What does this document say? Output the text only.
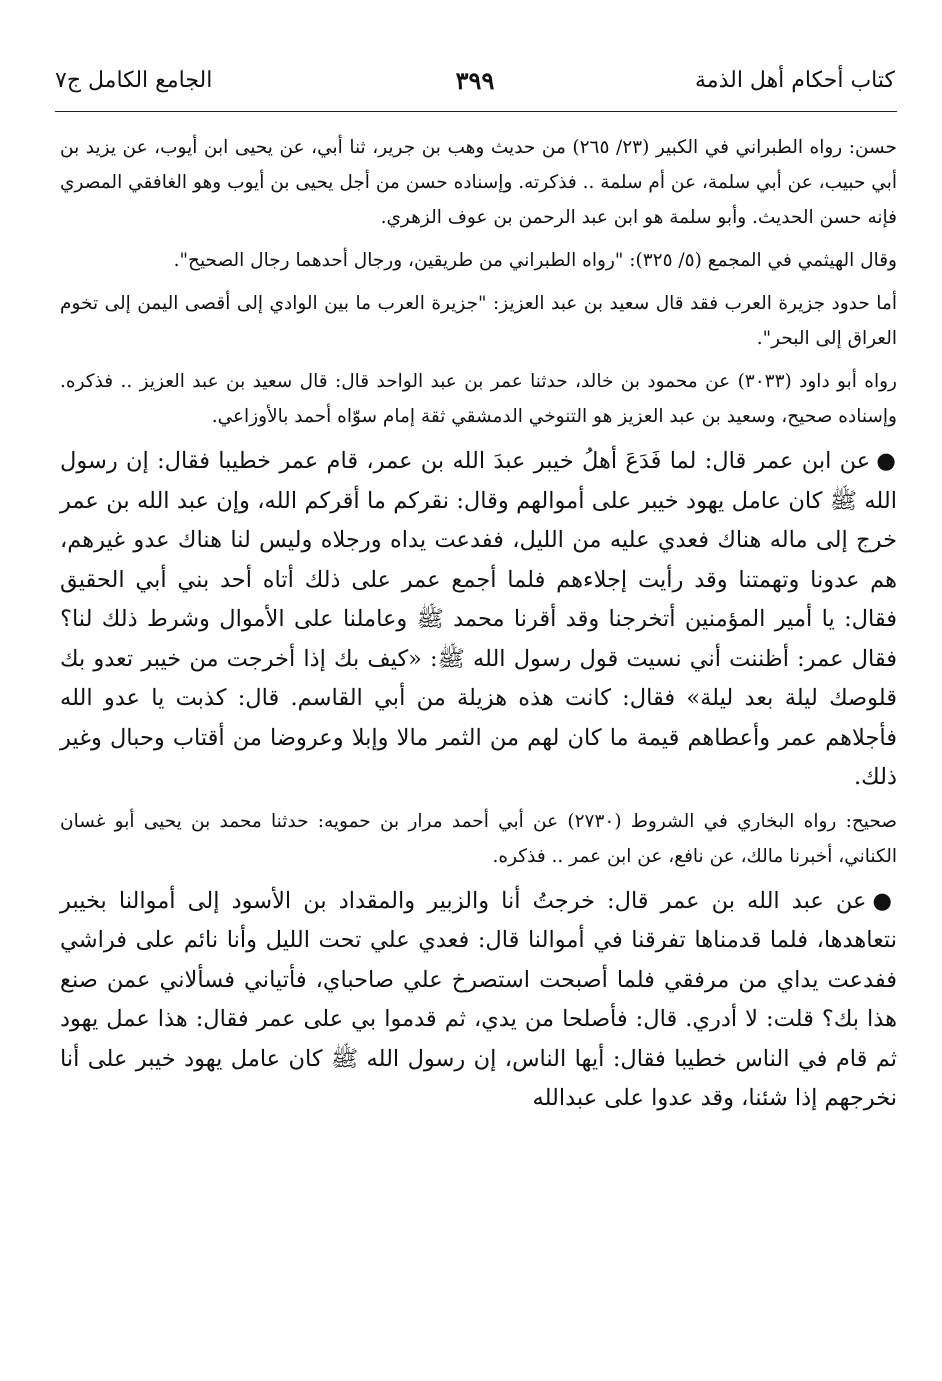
كتاب أحكام أهل الذمة
٣٩٩
الجامع الكامل ج٧

حسن: رواه الطبراني في الكبير (٢٣/ ٢٦٥) من حديث وهب بن جرير، ثنا أبي، عن يحيى ابن أيوب، عن يزيد بن أبي حبيب، عن أبي سلمة، عن أم سلمة .. فذكرته. وإسناده حسن من أجل يحيى بن أيوب وهو الغافقي المصري فإنه حسن الحديث. وأبو سلمة هو ابن عبد الرحمن بن عوف الزهري.

وقال الهيثمي في المجمع (٥/ ٣٢٥): "رواه الطبراني من طريقين، ورجال أحدهما رجال الصحيح".

أما حدود جزيرة العرب فقد قال سعيد بن عبد العزيز: "جزيرة العرب ما بين الوادي إلى أقصى اليمن إلى تخوم العراق إلى البحر".

رواه أبو داود (٣٠٣٣) عن محمود بن خالد، حدثنا عمر بن عبد الواحد قال: قال سعيد بن عبد العزيز .. فذكره. وإسناده صحيح، وسعيد بن عبد العزيز هو التنوخي الدمشقي ثقة إمام سوّاه أحمد بالأوزاعي.

●عن ابن عمر قال: لما فَدَعَ أهلُ خيبر عبدَ الله بن عمر، قام عمر خطيبا فقال: إن رسول الله ﷺ كان عامل يهود خيبر على أموالهم وقال: نقركم ما أقركم الله، وإن عبد الله بن عمر خرج إلى ماله هناك فعدي عليه من الليل، ففدعت يداه ورجلاه وليس لنا هناك عدو غيرهم، هم عدونا وتهمتنا وقد رأيت إجلاءهم فلما أجمع عمر على ذلك أتاه أحد بني أبي الحقيق فقال: يا أمير المؤمنين أتخرجنا وقد أقرنا محمد ﷺ وعاملنا على الأموال وشرط ذلك لنا؟ فقال عمر: أظننت أني نسيت قول رسول الله ﷺ: «كيف بك إذا أخرجت من خيبر تعدو بك قلوصك ليلة بعد ليلة» فقال: كانت هذه هزيلة من أبي القاسم. قال: كذبت يا عدو الله فأجلاهم عمر وأعطاهم قيمة ما كان لهم من الثمر مالا وإبلا وعروضا من أقتاب وحبال وغير ذلك.

صحيح: رواه البخاري في الشروط (٢٧٣٠) عن أبي أحمد مرار بن حمويه: حدثنا محمد بن يحيى أبو غسان الكناني، أخبرنا مالك، عن نافع، عن ابن عمر .. فذكره.

●عن عبد الله بن عمر قال: خرجتُ أنا والزبير والمقداد بن الأسود إلى أموالنا بخيبر نتعاهدها، فلما قدمناها تفرقنا في أموالنا قال: فعدي علي تحت الليل وأنا نائم على فراشي ففدعت يداي من مرفقي فلما أصبحت استصرخ علي صاحباي، فأتياني فسألاني عمن صنع هذا بك؟ قلت: لا أدري. قال: فأصلحا من يدي، ثم قدموا بي على عمر فقال: هذا عمل يهود ثم قام في الناس خطيبا فقال: أيها الناس، إن رسول الله ﷺ كان عامل يهود خيبر على أنا نخرجهم إذا شئنا، وقد عدوا على عبدالله
